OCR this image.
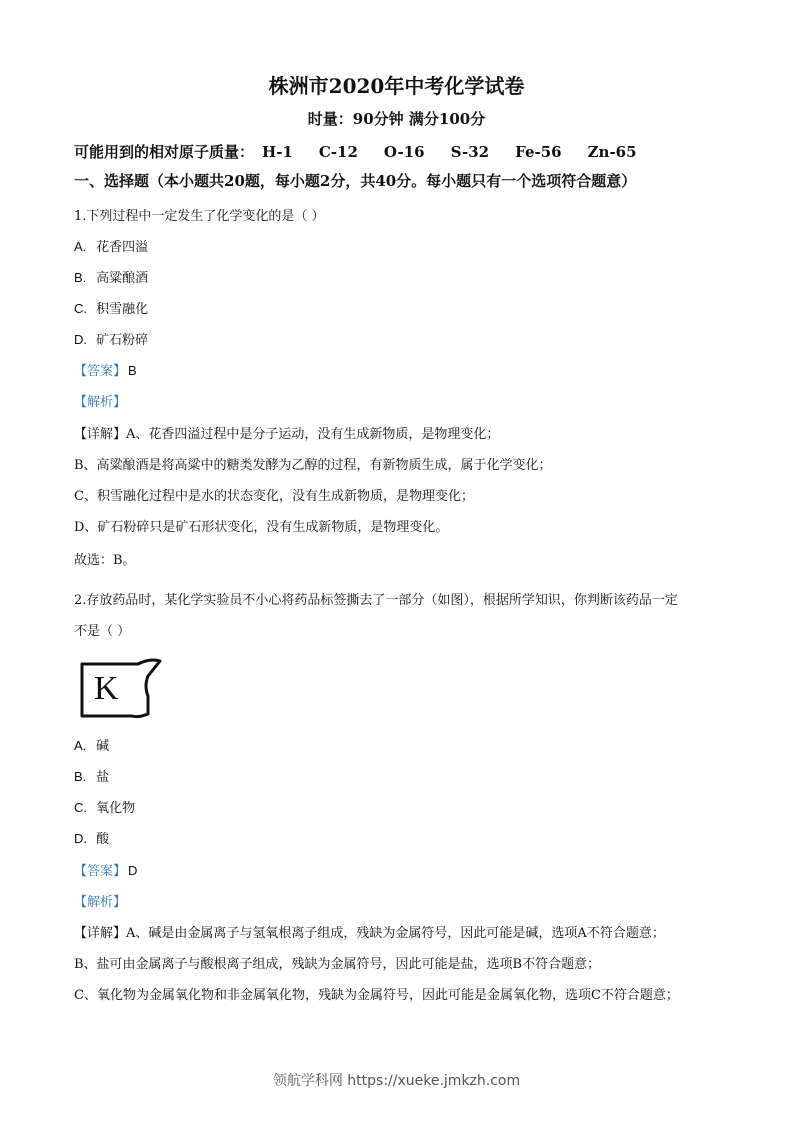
株洲市2020年中考化学试卷
时量：90分钟 满分100分
可能用到的相对原子质量： H-1 C-12 O-16 S-32 Fe-56 Zn-65
一、选择题（本小题共20题，每小题2分，共40分。每小题只有一个选项符合题意）
1.下列过程中一定发生了化学变化的是（ ）
A. 花香四溢
B. 高粱酿酒
C. 积雪融化
D. 矿石粉碎
【答案】 B
【解析】
【详解】A、花香四溢过程中是分子运动，没有生成新物质，是物理变化；
B、高粱酿酒是将高粱中的糖类发酵为乙醇的过程，有新物质生成，属于化学变化；
C、积雪融化过程中是水的状态变化，没有生成新物质，是物理变化；
D、矿石粉碎只是矿石形状变化，没有生成新物质，是物理变化。
故选：B。
2.存放药品时，某化学实验员不小心将药品标签撕去了一部分（如图），根据所学知识，你判断该药品一定
不是（ ）
K
A. 碱
B. 盐
C. 氧化物
D. 酸
【答案】 D
【解析】
【详解】A、碱是由金属离子与氢氧根离子组成，残缺为金属符号，因此可能是碱，选项A不符合题意；
B、盐可由金属离子与酸根离子组成，残缺为金属符号，因此可能是盐，选项B不符合题意；
C、氧化物为金属氧化物和非金属氧化物，残缺为金属符号，因此可能是金属氧化物，选项C不符合题意；
领航学科网 https://xueke.jmkzh.com
